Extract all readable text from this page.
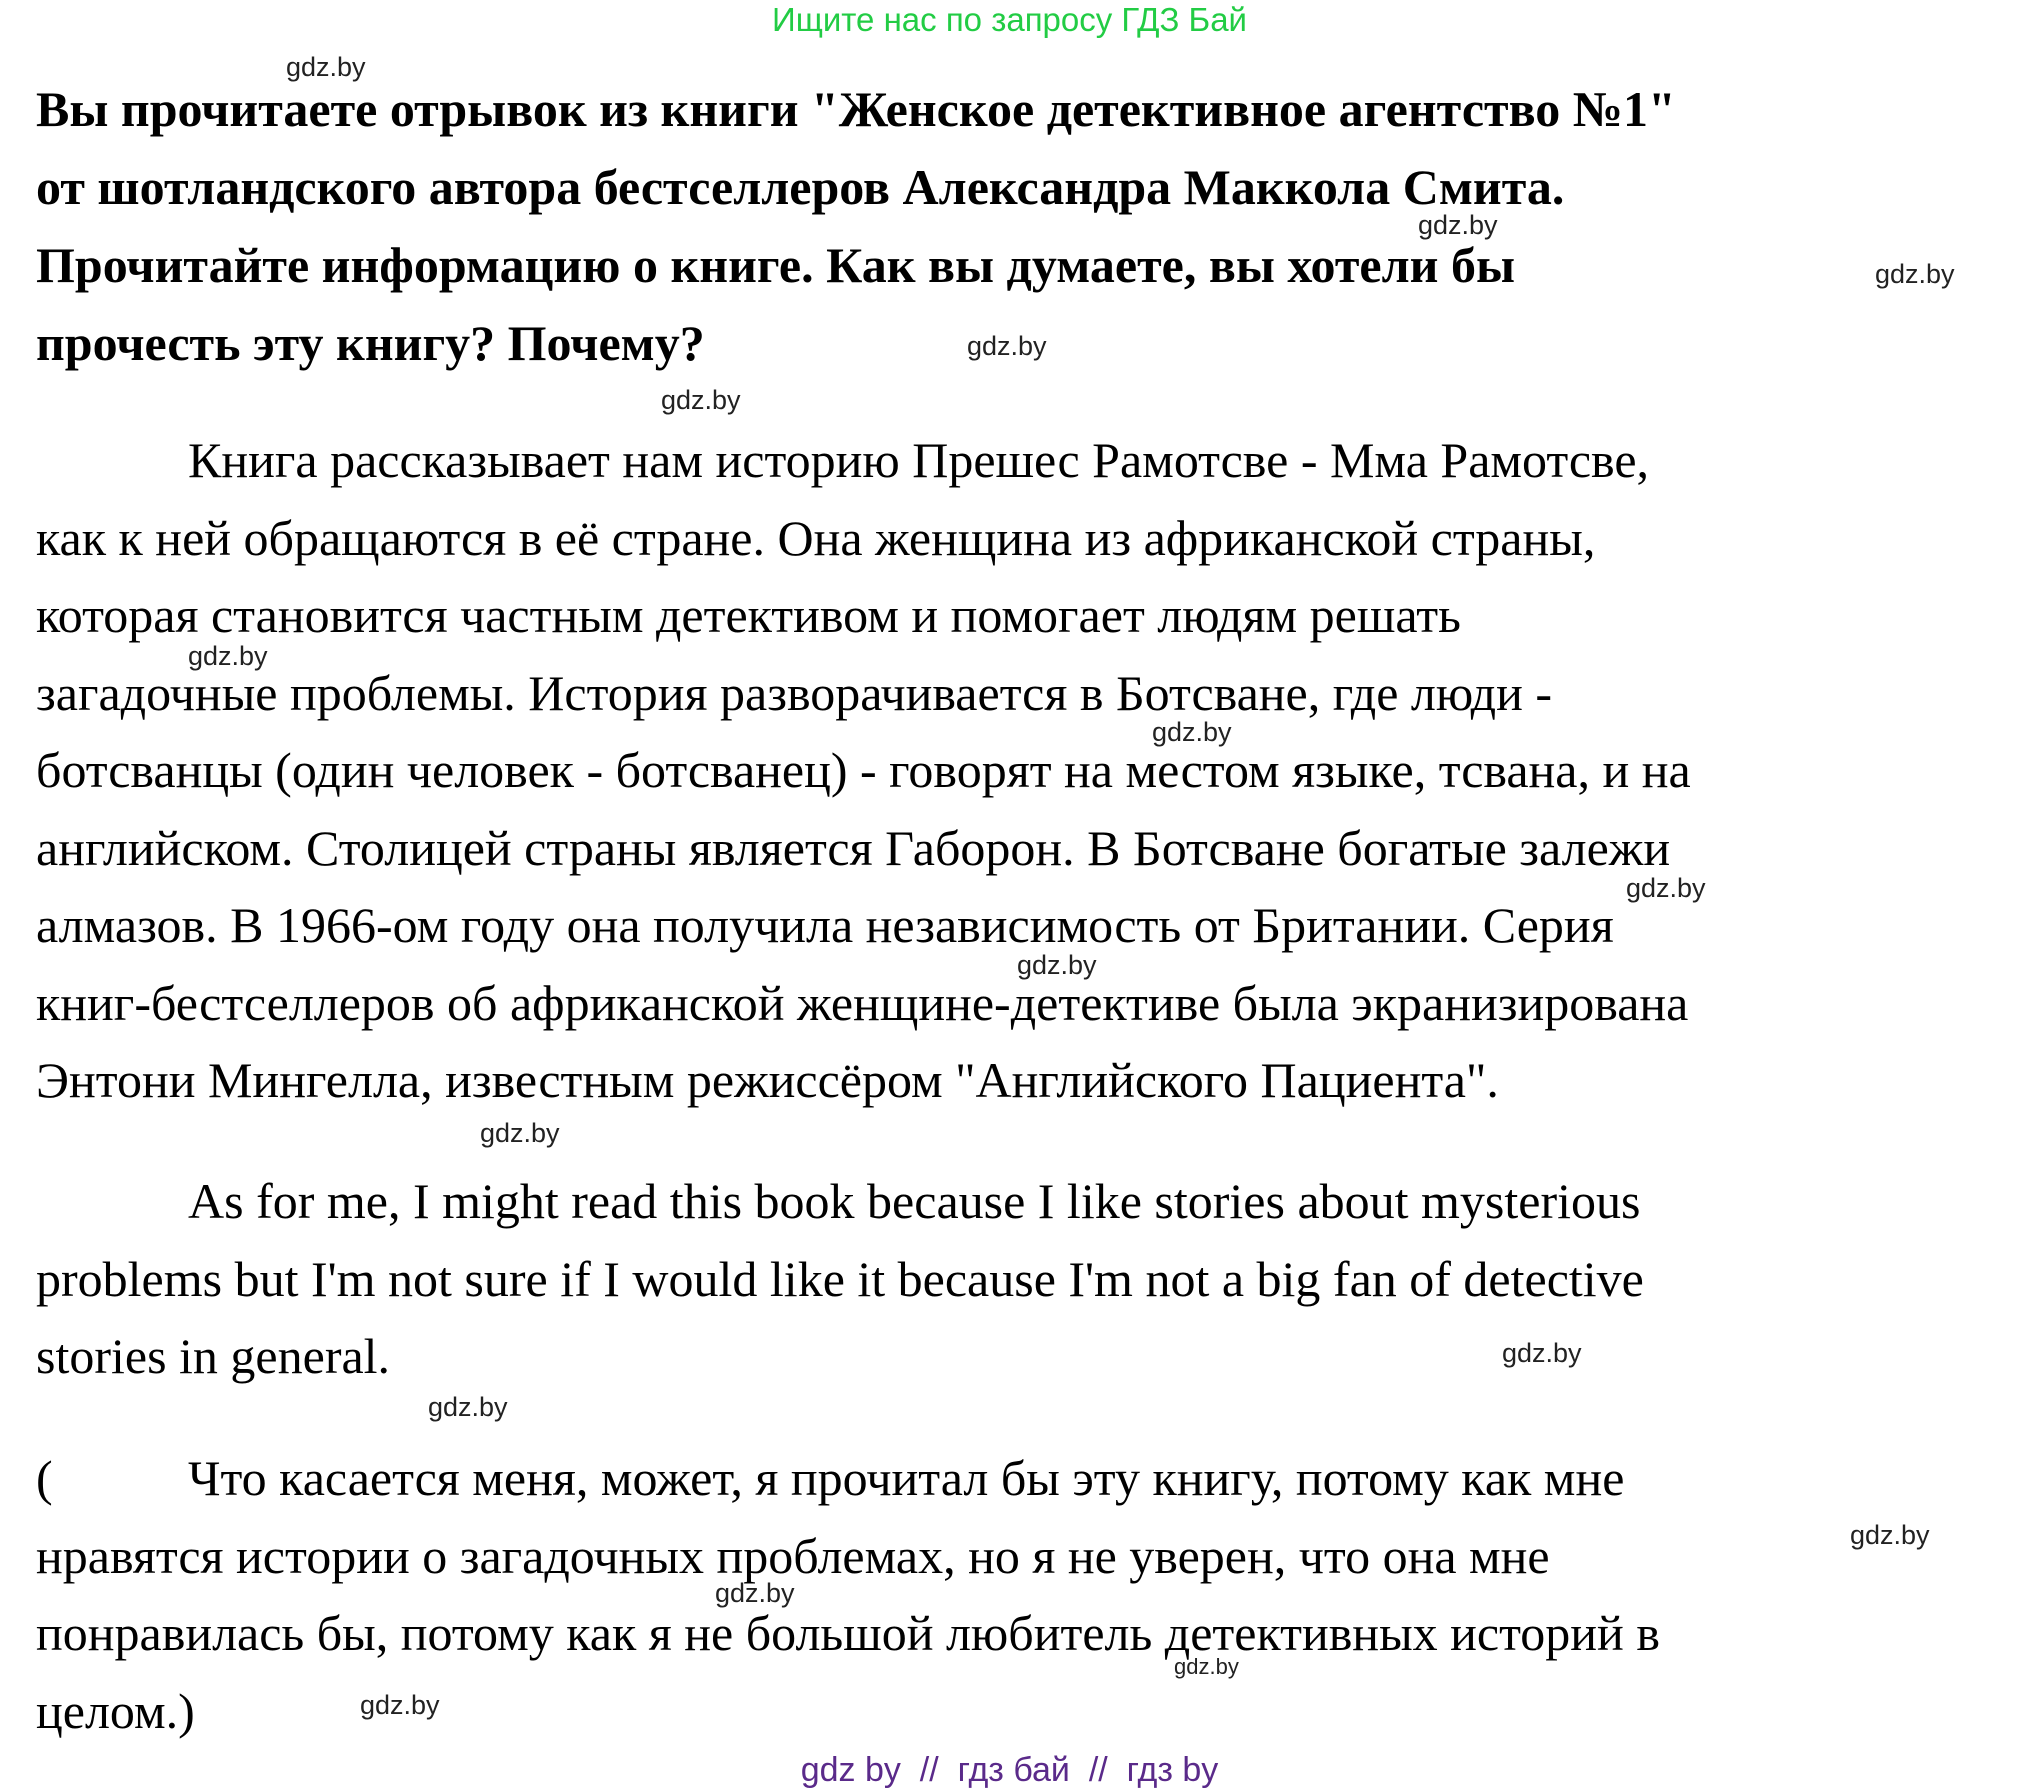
Ищите нас по запросу ГДЗ Бай
Вы прочитаете отрывок из книги "Женское детективное агентство №1"
от шотландского автора бестселлеров Александра Маккола Смита.
Прочитайте информацию о книге. Как вы думаете, вы хотели бы
прочесть эту книгу? Почему?
Книга рассказывает нам историю Прешес Рамотсве - Мма Рамотсве,
как к ней обращаются в её стране. Она женщина из африканской страны,
которая становится частным детективом и помогает людям решать
загадочные проблемы. История разворачивается в Ботсване, где люди -
ботсванцы (один человек - ботсванец) - говорят на местом языке, тсвана, и на
английском. Столицей страны является Габорон. В Ботсване богатые залежи
алмазов. В 1966-ом году она получила независимость от Британии. Серия
книг-бестселлеров об африканской женщине-детективе была экранизирована
Энтони Мингелла, известным режиссёром "Английского Пациента".
As for me, I might read this book because I like stories about mysterious
problems but I'm not sure if I would like it because I'm not a big fan of detective
stories in general.
(	Что касается меня, может, я прочитал бы эту книгу, потому как мне
нравятся истории о загадочных проблемах, но я не уверен, что она мне
понравилась бы, потому как я не большой любитель детективных историй в
целом.)
gdz.by
gdz.by
gdz.by
gdz.by
gdz.by
gdz.by
gdz.by
gdz.by
gdz.by
gdz.by
gdz.by
gdz.by
gdz.by
gdz.by
gdz.by
gdz.by
gdz by  //  гдз бай  //  гдз by
